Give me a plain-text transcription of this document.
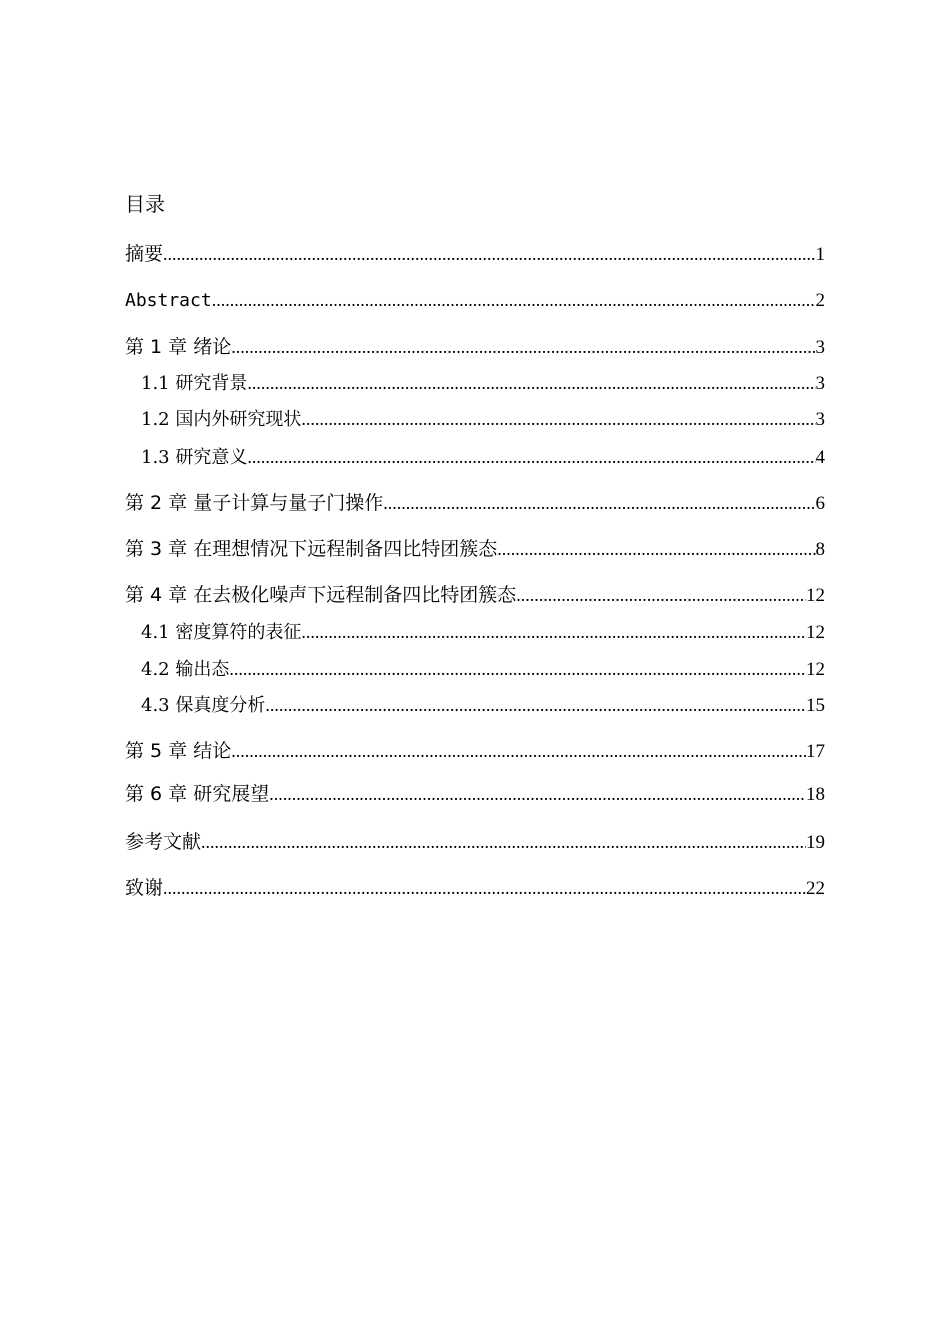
目录
摘要 .....	1
Abstract .....	2
第 1 章 绪论 .....	3
1.1 研究背景 .....	3
1.2 国内外研究现状 .....	3
1.3 研究意义 .....	4
第 2 章 量子计算与量子门操作 .....	6
第 3 章 在理想情况下远程制备四比特团簇态 .....	8
第 4 章 在去极化噪声下远程制备四比特团簇态 .....	12
4.1 密度算符的表征 .....	12
4.2 输出态 .....	12
4.3 保真度分析 .....	15
第 5 章 结论 .....	17
第 6 章 研究展望 .....	18
参考文献 .....	19
致谢 .....	22
